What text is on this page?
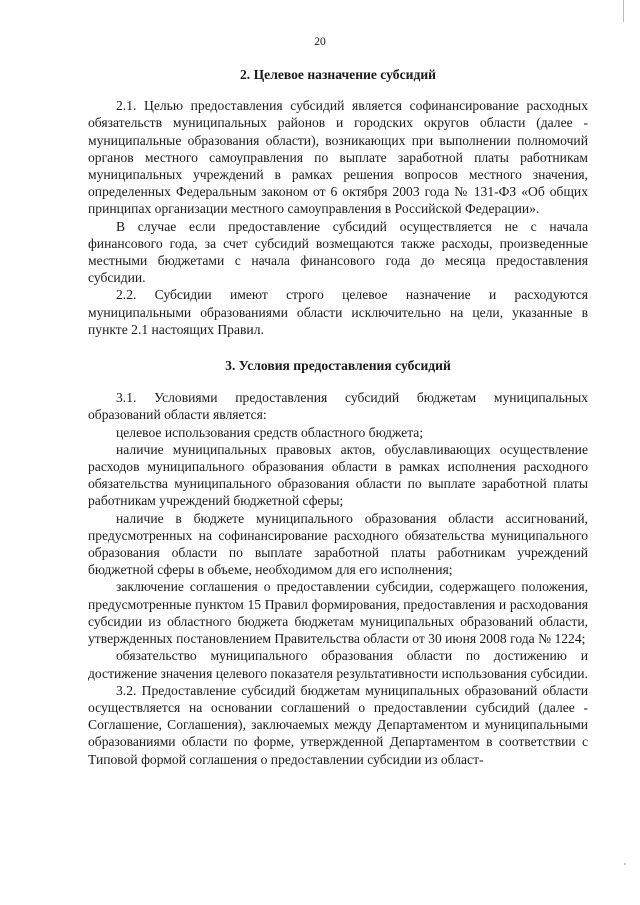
20
2. Целевое назначение субсидий

2.1. Целью предоставления субсидий является софинансирование расходных обязательств муниципальных районов и городских округов области (далее - муниципальные образования области), возникающих при выполнении полномочий органов местного самоуправления по выплате заработной платы работникам муниципальных учреждений в рамках решения вопросов местного значения, определенных Федеральным законом от 6 октября 2003 года № 131-ФЗ «Об общих принципах организации местного самоуправления в Российской Федерации».

В случае если предоставление субсидий осуществляется не с начала финансового года, за счет субсидий возмещаются также расходы, произведенные местными бюджетами с начала финансового года до месяца предоставления субсидии.

2.2. Субсидии имеют строго целевое назначение и расходуются муниципальными образованиями области исключительно на цели, указанные в пункте 2.1 настоящих Правил.

3. Условия предоставления субсидий

3.1. Условиями предоставления субсидий бюджетам муниципальных образований области является:

целевое использования средств областного бюджета;

наличие муниципальных правовых актов, обуславливающих осуществление расходов муниципального образования области в рамках исполнения расходного обязательства муниципального образования области по выплате заработной платы работникам учреждений бюджетной сферы;

наличие в бюджете муниципального образования области ассигнований, предусмотренных на софинансирование расходного обязательства муниципального образования области по выплате заработной платы работникам учреждений бюджетной сферы в объеме, необходимом для его исполнения;

заключение соглашения о предоставлении субсидии, содержащего положения, предусмотренные пунктом 15 Правил формирования, предоставления и расходования субсидии из областного бюджета бюджетам муниципальных образований области, утвержденных постановлением Правительства области от 30 июня 2008 года № 1224;

обязательство муниципального образования области по достижению и достижение значения целевого показателя результативности использования субсидии.

3.2. Предоставление субсидий бюджетам муниципальных образований области осуществляется на основании соглашений о предоставлении субсидий (далее - Соглашение, Соглашения), заключаемых между Департаментом и муниципальными образованиями области по форме, утвержденной Департаментом в соответствии с Типовой формой соглашения о предоставлении субсидии из област-
